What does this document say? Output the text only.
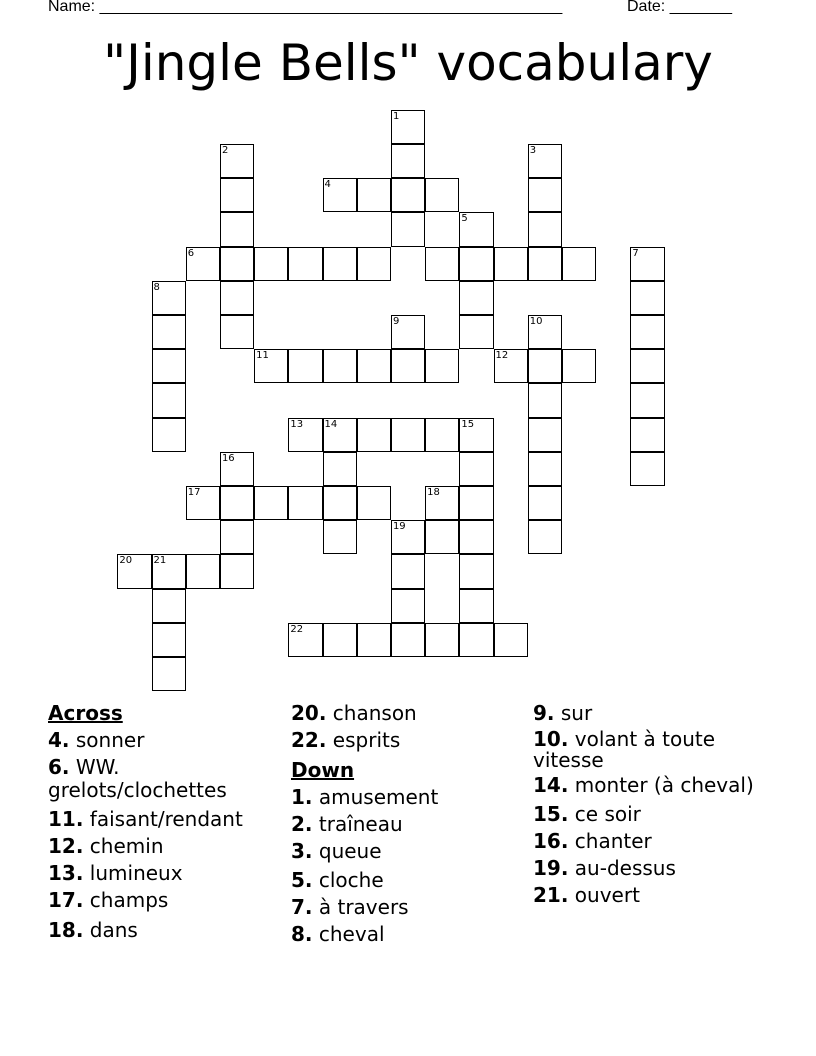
Name: ____________________________________________________	Date: _______
"Jingle Bells" vocabulary
1
2	3
4
5
6	7
8
9	10
11	12
13 14	15
16
17	18
19
20 21
22

Across

4. sonner

6. WW. grelots/clochettes

11. faisant/rendant

12. chemin

13. lumineux

17. champs

18. dans

20. chanson

22. esprits

Down

1. amusement

2. traîneau

3. queue

5. cloche

7. à travers

8. cheval

9. sur

10. volant à toute vitesse

14. monter (à cheval)

15. ce soir

16. chanter

19. au-dessus

21. ouvert
